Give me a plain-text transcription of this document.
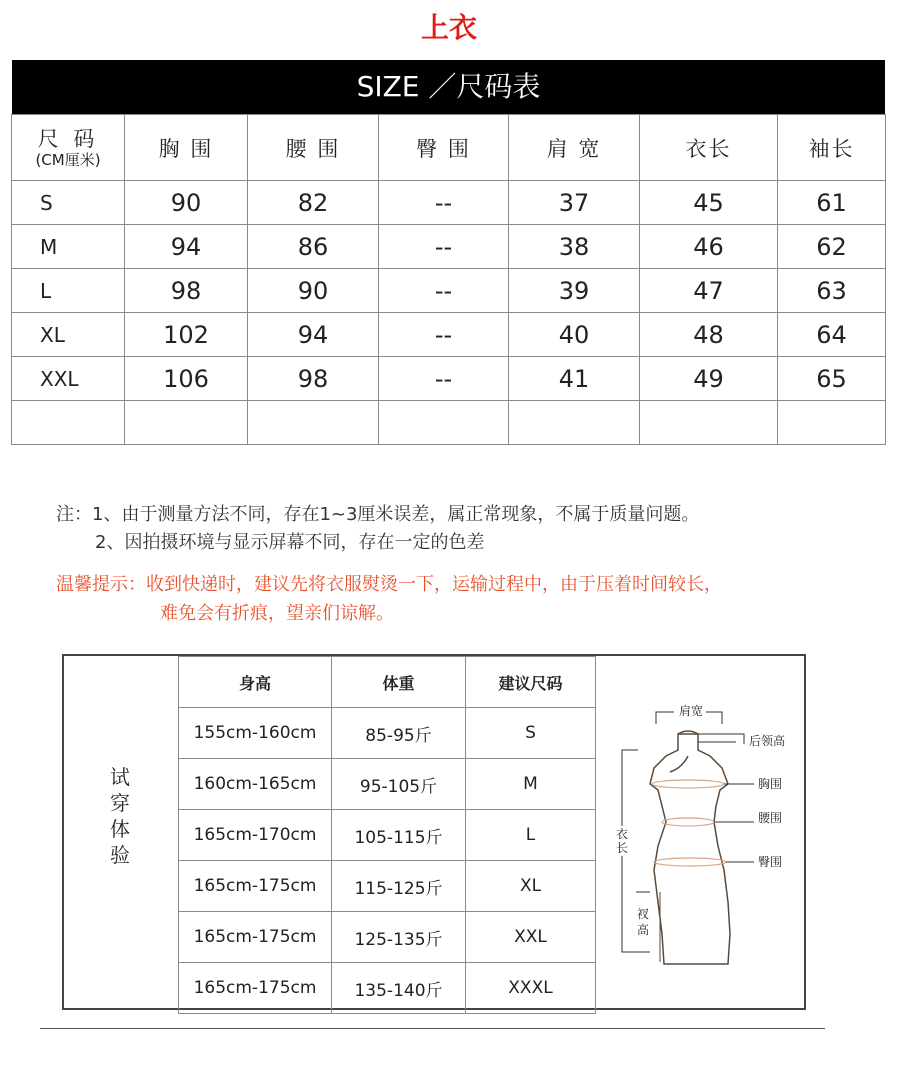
上衣
SIZE ／尺码表
尺 码
(CM厘米)	胸 围	腰 围	臀 围	肩 宽	衣长	袖长
S	90	82	--	37	45	61
M	94	86	--	38	46	62
L	98	90	--	39	47	63
XL	102	94	--	40	48	64
XXL	106	98	--	41	49	65

注：1、由于测量方法不同，存在1~3厘米误差，属正常现象，不属于质量问题。
2、因拍摄环境与显示屏幕不同，存在一定的色差
温馨提示：收到快递时，建议先将衣服熨烫一下，运输过程中，由于压着时间较长，
难免会有折痕，望亲们谅解。
试
穿
体
验
身高	体重	建议尺码
155cm-160cm	85-95斤	S
160cm-165cm	95-105斤	M
165cm-170cm	105-115斤	L
165cm-175cm	115-125斤	XL
165cm-175cm	125-135斤	XXL
165cm-175cm	135-140斤	XXXL
肩宽
后领高
胸围
腰围
臀围
衣
长
衩
高
